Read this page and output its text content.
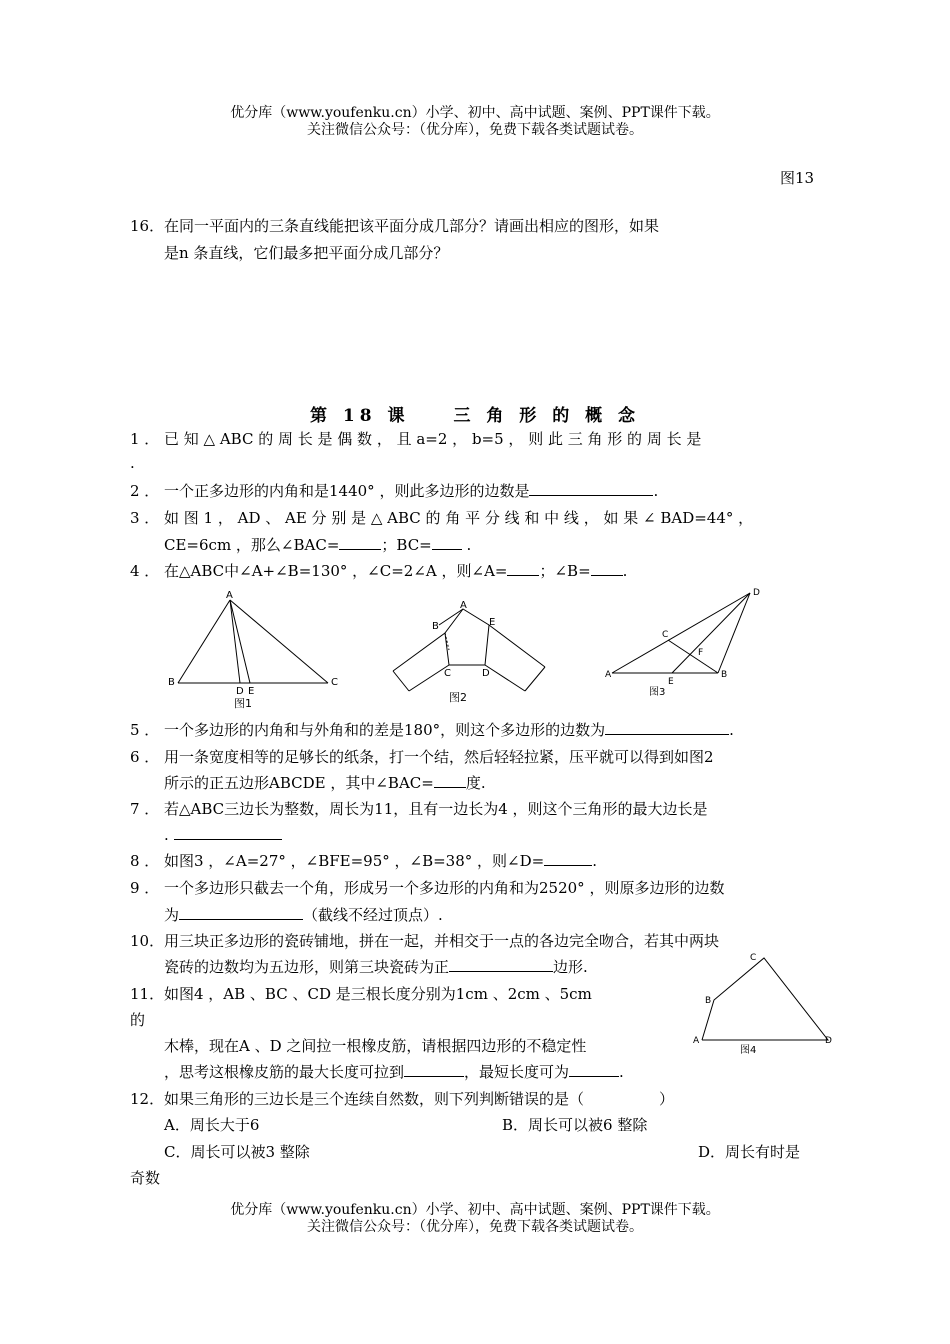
优分库（www.youfenku.cn）小学、初中、高中试题、案例、PPT课件下载。
关注微信公众号：（优分库），免费下载各类试题试卷。
图13
16．在同一平面内的三条直线能把该平面分成几部分？请画出相应的图形，如果
是n 条直线，它们最多把平面分成几部分？
第 18 课　　三 角 形 的 概 念
1 ． 已 知 △ ABC 的 周 长 是 偶 数 ， 且 a=2 ， b=5 ， 则 此 三 角 形 的 周 长 是
.
2 ． 一个正多边形的内角和是1440° ，则此多边形的边数是	.
3 ． 如 图 1 ， AD 、 AE 分 别 是 △ ABC 的 角 平 分 线 和 中 线 ， 如 果 ∠ BAD=44° ，
CE=6cm ，那么∠BAC=	；BC= .
4 ． 在△ABC中∠A+∠B=130° ，∠C=2∠A ，则∠A= ；∠B= .
A
B	C
D E
图1
A
B
C	D
E
图2
A	B
C
D
E
F
图3
5 ． 一个多边形的内角和与外角和的差是180°，则这个多边形的边数为	.
6 ． 用一条宽度相等的足够长的纸条，打一个结，然后轻轻拉紧，压平就可以得到如图2
所示的正五边形ABCDE ，其中∠BAC= 度.
7 ． 若△ABC三边长为整数，周长为11，且有一边长为4 ，则这个三角形的最大边长是
.
8 ． 如图3 ，∠A=27° ，∠BFE=95° ，∠B=38° ，则∠D=	.
9 ． 一个多边形只截去一个角，形成另一个多边形的内角和为2520° ，则原多边形的边数
为	（截线不经过顶点）.
10．用三块正多边形的瓷砖铺地，拼在一起，并相交于一点的各边完全吻合，若其中两块
瓷砖的边数均为五边形，则第三块瓷砖为正	边形.
A
B
C
D
图4
11．如图4 ，AB 、BC 、CD 是三根长度分别为1cm 、2cm 、5cm
的
木棒，现在A 、D 之间拉一根橡皮筋，请根据四边形的不稳定性
，思考这根橡皮筋的最大长度可拉到	，最短长度可为	.
12．如果三角形的三边长是三个连续自然数，则下列判断错误的是（　　　　　）
A．周长大于6	B．周长可以被6 整除
C．周长可以被3 整除	D．周长有时是
奇数
优分库（www.youfenku.cn）小学、初中、高中试题、案例、PPT课件下载。
关注微信公众号：（优分库），免费下载各类试题试卷。
